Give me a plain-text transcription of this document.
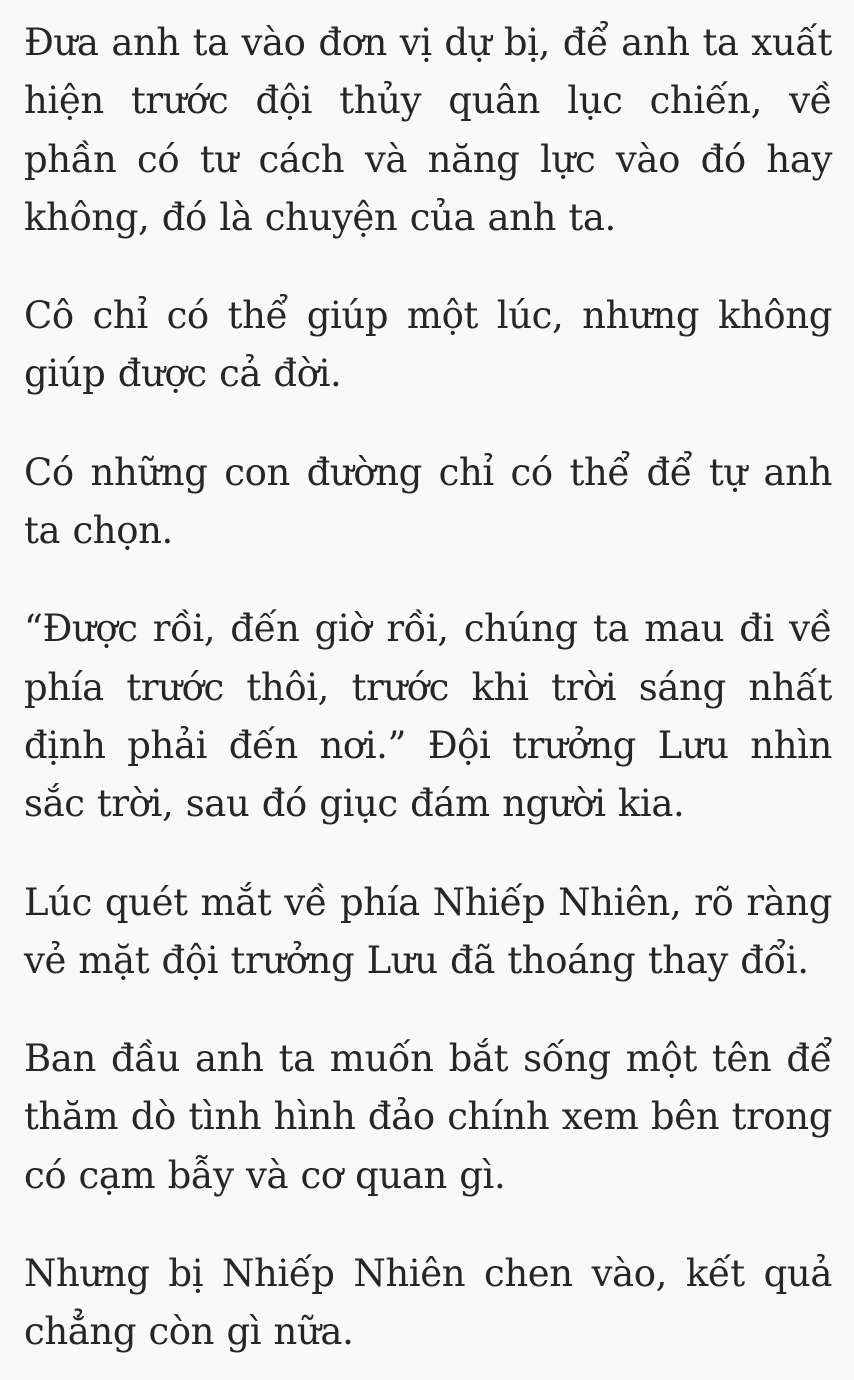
Đưa anh ta vào đơn vị dự bị, để anh ta xuất hiện trước đội thủy quân lục chiến, về phần có tư cách và năng lực vào đó hay không, đó là chuyện của anh ta.

Cô chỉ có thể giúp một lúc, nhưng không giúp được cả đời.

Có những con đường chỉ có thể để tự anh ta chọn.

“Được rồi, đến giờ rồi, chúng ta mau đi về phía trước thôi, trước khi trời sáng nhất định phải đến nơi.” Đội trưởng Lưu nhìn sắc trời, sau đó giục đám người kia.

Lúc quét mắt về phía Nhiếp Nhiên, rõ ràng vẻ mặt đội trưởng Lưu đã thoáng thay đổi.

Ban đầu anh ta muốn bắt sống một tên để thăm dò tình hình đảo chính xem bên trong có cạm bẫy và cơ quan gì.

Nhưng bị Nhiếp Nhiên chen vào, kết quả chẳng còn gì nữa.
